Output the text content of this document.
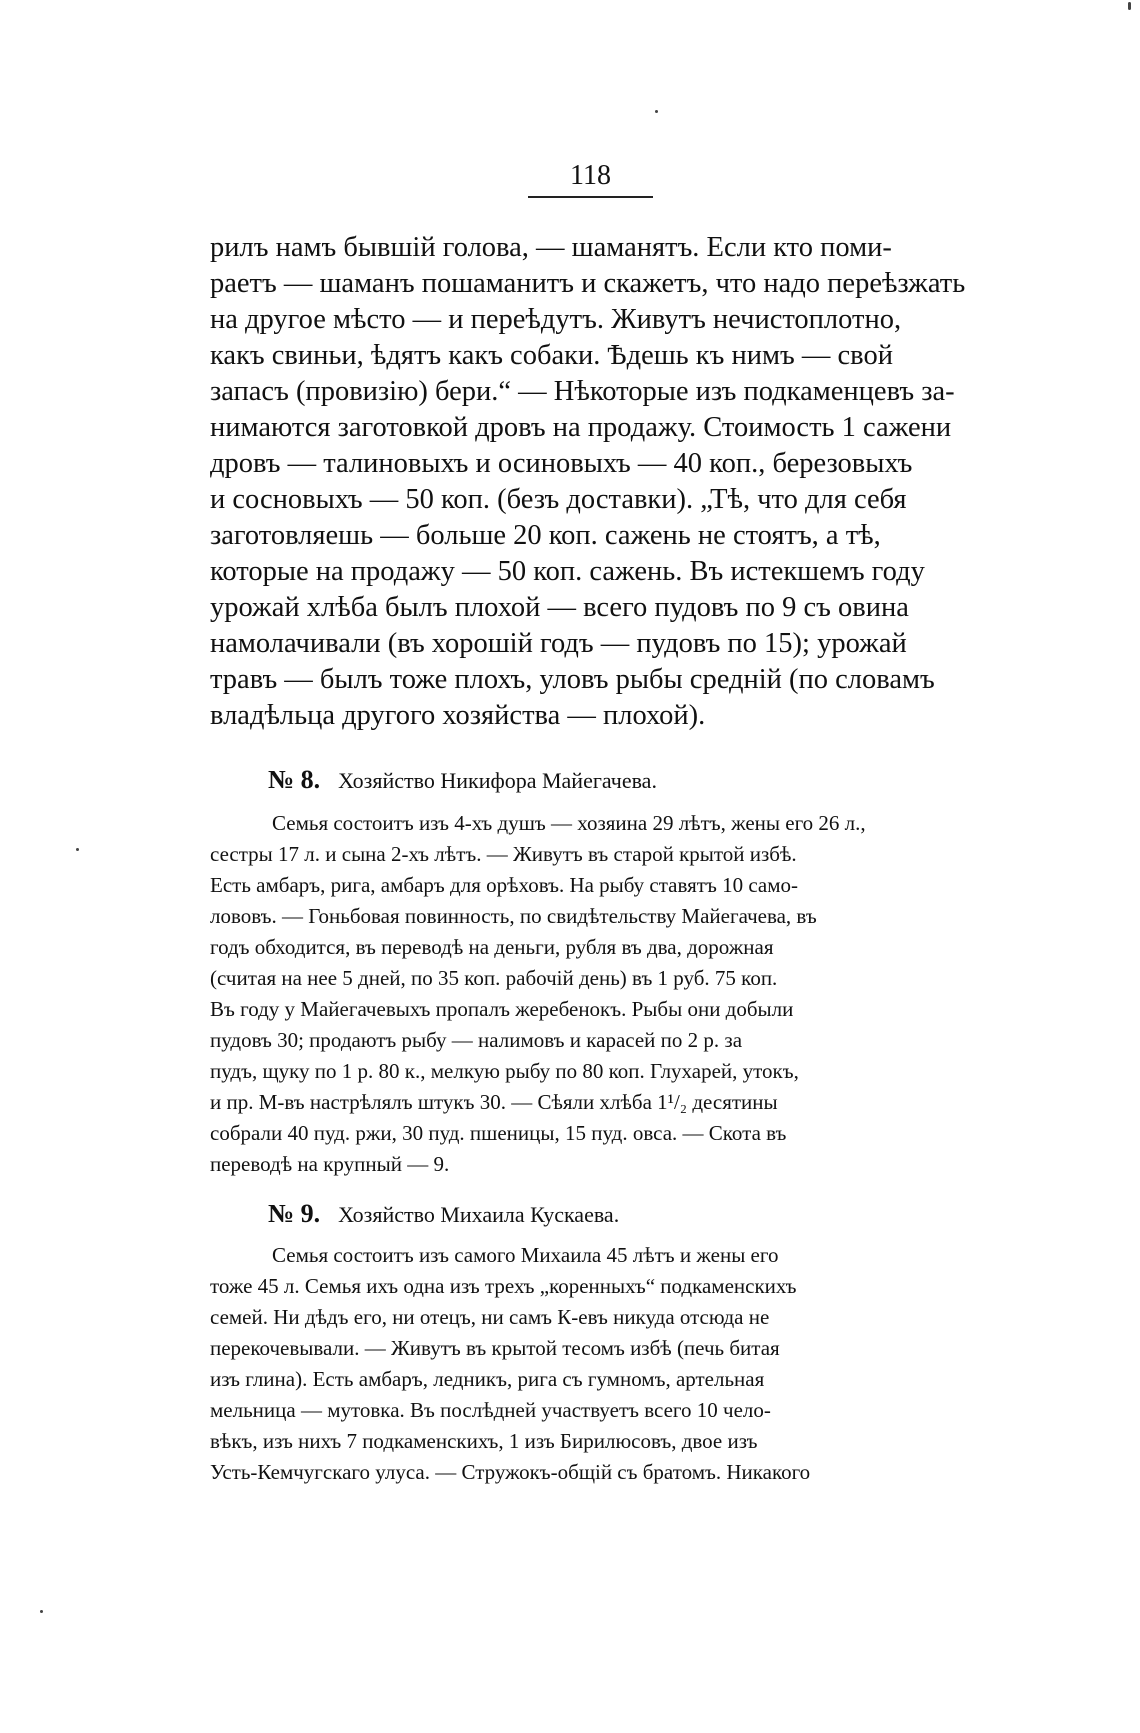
118
рилъ намъ бывшій голова, — шаманятъ. Если кто поми-
раетъ — шаманъ пошаманитъ и скажетъ, что надо переѣзжать
на другое мѣсто — и переѣдутъ. Живутъ нечистоплотно,
какъ свиньи, ѣдятъ какъ собаки. Ѣдешь къ нимъ — свой
запасъ (провизію) бери.“ — Нѣкоторые изъ подкаменцевъ за-
нимаются заготовкой дровъ на продажу. Стоимость 1 сажени
дровъ — талиновыхъ и осиновыхъ — 40 коп., березовыхъ
и сосновыхъ — 50 коп. (безъ доставки). „Тѣ, что для себя
заготовляешь — больше 20 коп. сажень не стоятъ, а тѣ,
которые на продажу — 50 коп. сажень. Въ истекшемъ году
урожай хлѣба былъ плохой — всего пудовъ по 9 съ овина
намолачивали (въ хорошій годъ — пудовъ по 15); урожай
травъ — былъ тоже плохъ, уловъ рыбы средній (по словамъ
владѣльца другого хозяйства — плохой).
№ 8. Хозяйство Никифора Майегачева.
Семья состоитъ изъ 4-хъ душъ — хозяина 29 лѣтъ, жены его 26 л.,
сестры 17 л. и сына 2-хъ лѣтъ. — Живутъ въ старой крытой избѣ.
Есть амбаръ, рига, амбаръ для орѣховъ. На рыбу ставятъ 10 само-
лововъ. — Гоньбовая повинность, по свидѣтельству Майегачева, въ
годъ обходится, въ переводѣ на деньги, рубля въ два, дорожная
(считая на нее 5 дней, по 35 коп. рабочій день) въ 1 руб. 75 коп.
Въ году у Майегачевыхъ пропалъ жеребенокъ. Рыбы они добыли
пудовъ 30; продаютъ рыбу — налимовъ и карасей по 2 р. за
пудъ, щуку по 1 р. 80 к., мелкую рыбу по 80 коп. Глухарей, утокъ,
и пр. М-въ настрѣлялъ штукъ 30. — Сѣяли хлѣба 1¹/₂ десятины
собрали 40 пуд. ржи, 30 пуд. пшеницы, 15 пуд. овса. — Скота въ
переводѣ на крупный — 9.
№ 9. Хозяйство Михаила Кускаева.
Семья состоитъ изъ самого Михаила 45 лѣтъ и жены его
тоже 45 л. Семья ихъ одна изъ трехъ „коренныхъ“ подкаменскихъ
семей. Ни дѣдъ его, ни отецъ, ни самъ К-евъ никуда отсюда не
перекочевывали. — Живутъ въ крытой тесомъ избѣ (печь битая
изъ глина). Есть амбаръ, ледникъ, рига съ гумномъ, артельная
мельница — мутовка. Въ послѣдней участвуетъ всего 10 чело-
вѣкъ, изъ нихъ 7 подкаменскихъ, 1 изъ Бирилюсовъ, двое изъ
Усть-Кемчугскаго улуса. — Стружокъ-общій съ братомъ. Никакого
